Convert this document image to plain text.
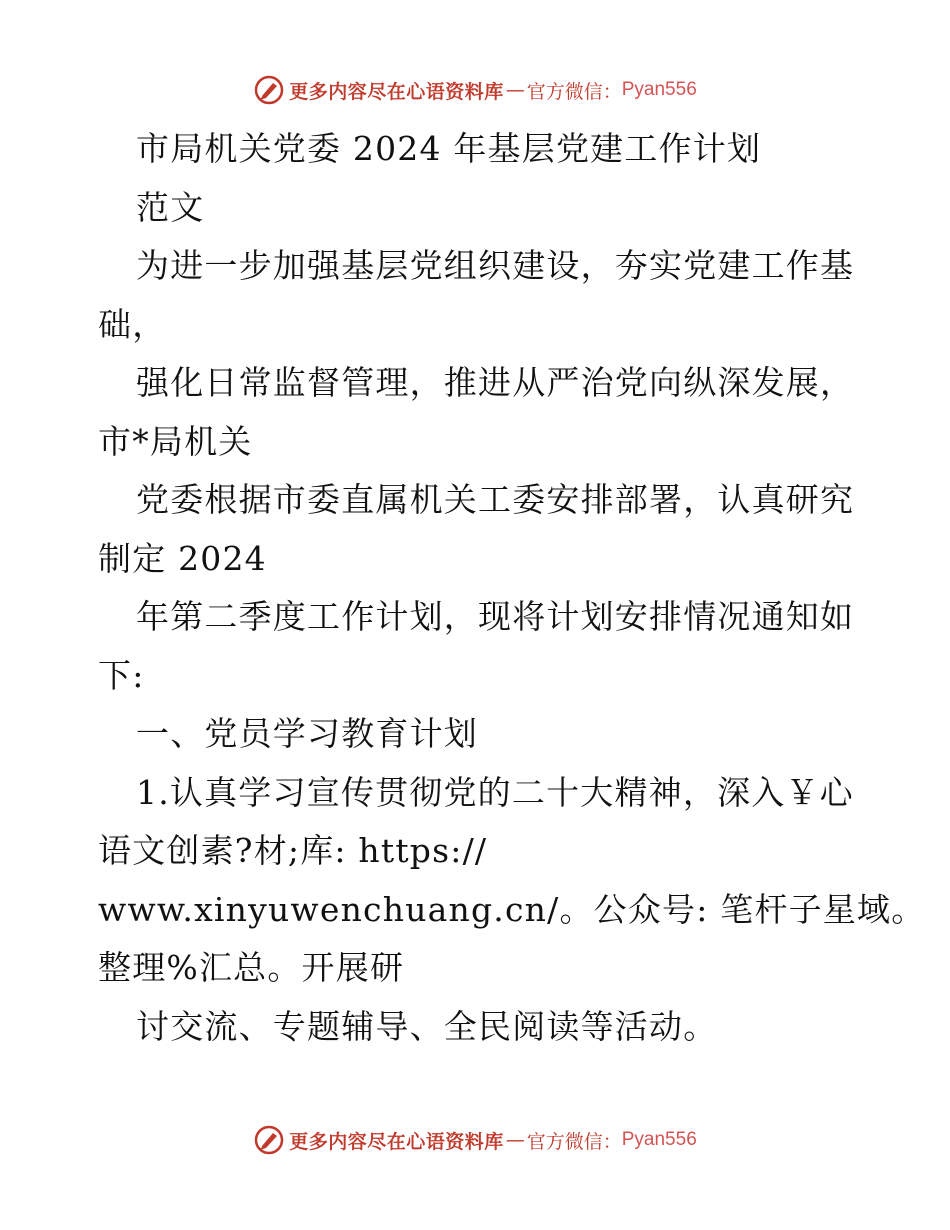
更多内容尽在心语资料库 — 官方微信： Pyan556
市局机关党委 2024 年基层党建工作计划
范文
为进一步加强基层党组织建设，夯实党建工作基
础，
强化日常监督管理，推进从严治党向纵深发展，
市*局机关
党委根据市委直属机关工委安排部署，认真研究
制定 2024
年第二季度工作计划，现将计划安排情况通知如
下:
一、党员学习教育计划
1.认真学习宣传贯彻党的二十大精神，深入￥心
语文创素?材;库: https://
www.xinyuwenchuang.cn/。公众号: 笔杆子星域。
整理%汇总。开展研
讨交流、专题辅导、全民阅读等活动。
更多内容尽在心语资料库 — 官方微信： Pyan556
